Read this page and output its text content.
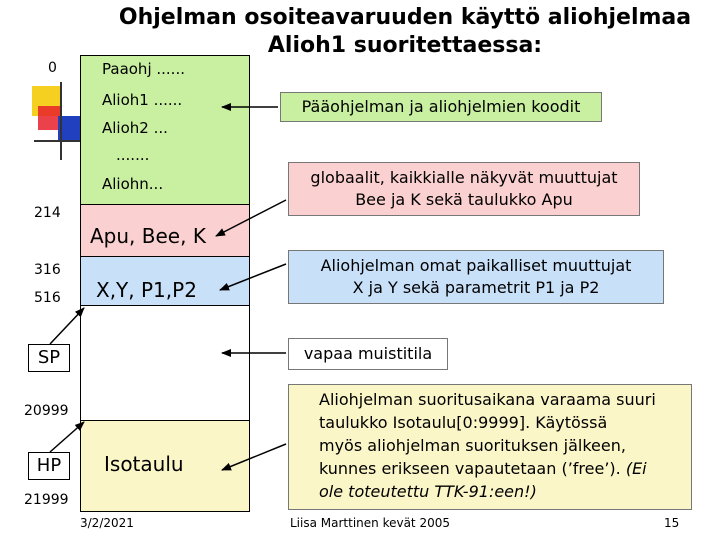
Ohjelman osoiteavaruuden käyttö aliohjelmaa
Alioh1 suoritettaessa:
0
214
316
516
20999
21999
Paaohj ......
Alioh1 ......
Alioh2 ...
.......
Aliohn...
Apu, Bee, K
X,Y, P1,P2
Isotaulu
SP
HP
Pääohjelman ja aliohjelmien koodit
globaalit, kaikkialle näkyvät muuttujat
Bee ja K sekä taulukko Apu
Aliohjelman omat paikalliset muuttujat
X ja Y sekä parametrit P1 ja P2
vapaa muistitila
Aliohjelman suoritusaikana varaama suuri
taulukko Isotaulu[0:9999]. Käytössä
myös aliohjelman suorituksen jälkeen,
kunnes erikseen vapautetaan (’free’). (Ei
ole toteutettu TTK-91:een!)
3/2/2021	Liisa Marttinen kevät 2005	15
